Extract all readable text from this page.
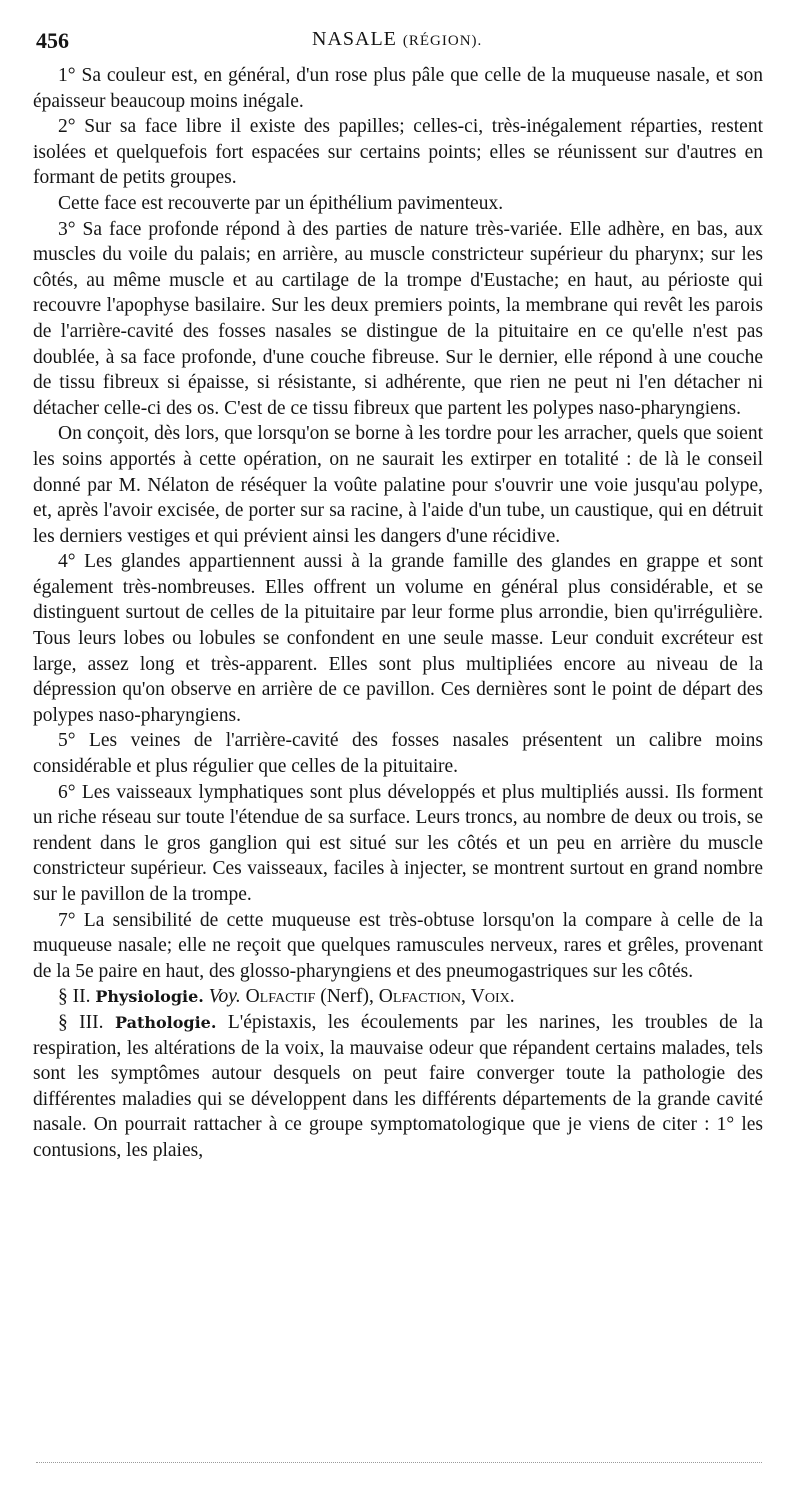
456	NASALE (RÉGION).

1° Sa couleur est, en général, d'un rose plus pâle que celle de la muqueuse nasale, et son épaisseur beaucoup moins inégale.

2° Sur sa face libre il existe des papilles; celles-ci, très-inégalement réparties, restent isolées et quelquefois fort espacées sur certains points; elles se réunissent sur d'autres en formant de petits groupes.

Cette face est recouverte par un épithélium pavimenteux.

3° Sa face profonde répond à des parties de nature très-variée. Elle adhère, en bas, aux muscles du voile du palais; en arrière, au muscle constricteur supérieur du pharynx; sur les côtés, au même muscle et au cartilage de la trompe d'Eustache; en haut, au périoste qui recouvre l'apophyse basilaire. Sur les deux premiers points, la membrane qui revêt les parois de l'arrière-cavité des fosses nasales se distingue de la pituitaire en ce qu'elle n'est pas doublée, à sa face profonde, d'une couche fibreuse. Sur le dernier, elle répond à une couche de tissu fibreux si épaisse, si résistante, si adhérente, que rien ne peut ni l'en détacher ni détacher celle-ci des os. C'est de ce tissu fibreux que partent les polypes naso-pharyngiens.

On conçoit, dès lors, que lorsqu'on se borne à les tordre pour les arracher, quels que soient les soins apportés à cette opération, on ne saurait les extirper en totalité : de là le conseil donné par M. Nélaton de réséquer la voûte palatine pour s'ouvrir une voie jusqu'au polype, et, après l'avoir excisée, de porter sur sa racine, à l'aide d'un tube, un caustique, qui en détruit les derniers vestiges et qui prévient ainsi les dangers d'une récidive.

4° Les glandes appartiennent aussi à la grande famille des glandes en grappe et sont également très-nombreuses. Elles offrent un volume en général plus considérable, et se distinguent surtout de celles de la pituitaire par leur forme plus arrondie, bien qu'irrégulière. Tous leurs lobes ou lobules se confondent en une seule masse. Leur conduit excréteur est large, assez long et très-apparent. Elles sont plus multipliées encore au niveau de la dépression qu'on observe en arrière de ce pavillon. Ces dernières sont le point de départ des polypes naso-pharyngiens.

5° Les veines de l'arrière-cavité des fosses nasales présentent un calibre moins considérable et plus régulier que celles de la pituitaire.

6° Les vaisseaux lymphatiques sont plus développés et plus multipliés aussi. Ils forment un riche réseau sur toute l'étendue de sa surface. Leurs troncs, au nombre de deux ou trois, se rendent dans le gros ganglion qui est situé sur les côtés et un peu en arrière du muscle constricteur supérieur. Ces vaisseaux, faciles à injecter, se montrent surtout en grand nombre sur le pavillon de la trompe.

7° La sensibilité de cette muqueuse est très-obtuse lorsqu'on la compare à celle de la muqueuse nasale; elle ne reçoit que quelques ramuscules nerveux, rares et grêles, provenant de la 5e paire en haut, des glosso-pharyngiens et des pneumogastriques sur les côtés.

§ II. Physiologie. Voy. Olfactif (Nerf), Olfaction, Voix.

§ III. Pathologie. L'épistaxis, les écoulements par les narines, les troubles de la respiration, les altérations de la voix, la mauvaise odeur que répandent certains malades, tels sont les symptômes autour desquels on peut faire converger toute la pathologie des différentes maladies qui se développent dans les différents départements de la grande cavité nasale. On pourrait rattacher à ce groupe symptomatologique que je viens de citer : 1° les contusions, les plaies,
